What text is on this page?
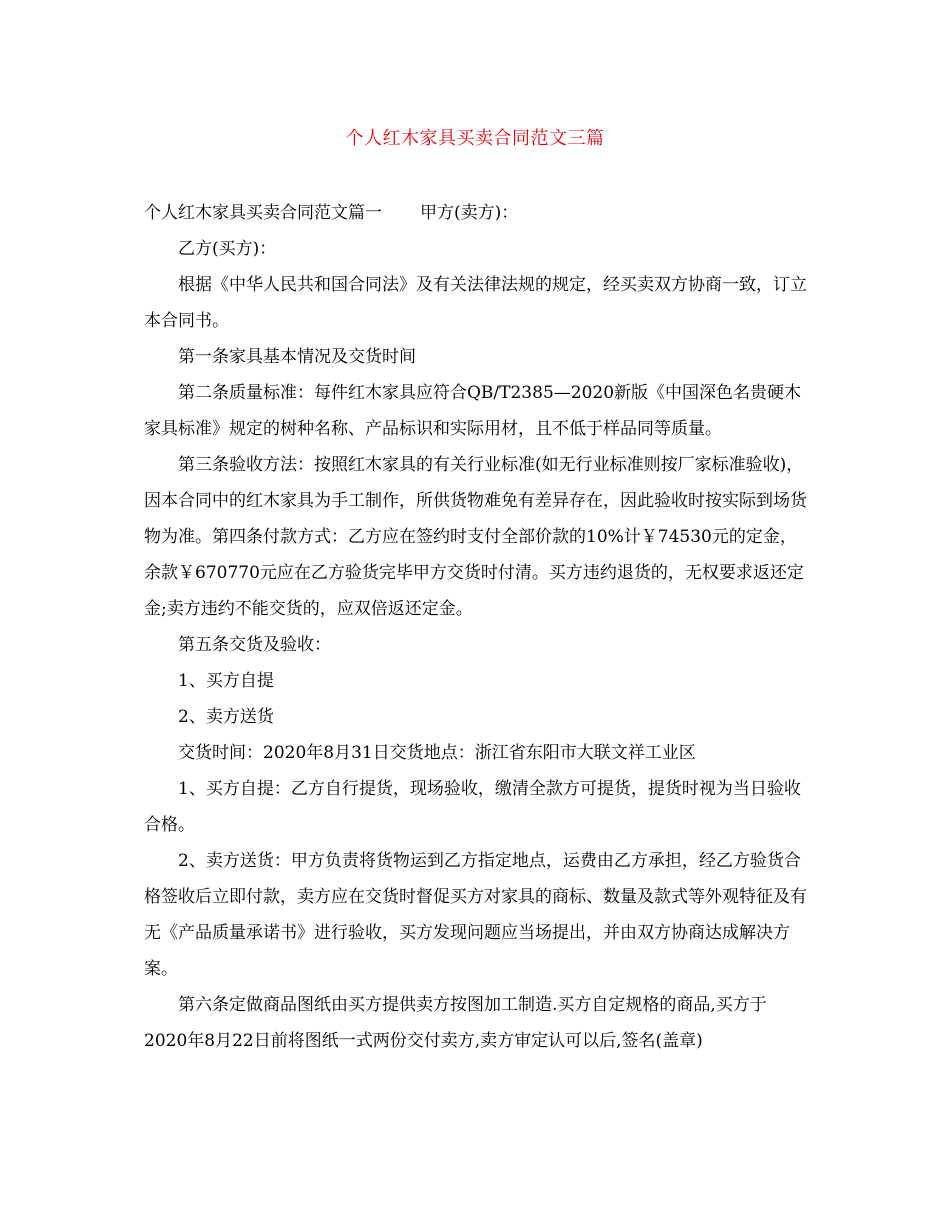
个人红木家具买卖合同范文三篇

个人红木家具买卖合同范文篇一 甲方(卖方)：

乙方(买方)：

根据《中华人民共和国合同法》及有关法律法规的规定，经买卖双方协商一致，订立本合同书。

第一条家具基本情况及交货时间

第二条质量标准：每件红木家具应符合QB/T2385—2020新版《中国深色名贵硬木家具标准》规定的树种名称、产品标识和实际用材，且不低于样品同等质量。

第三条验收方法：按照红木家具的有关行业标准(如无行业标准则按厂家标准验收)，因本合同中的红木家具为手工制作，所供货物难免有差异存在，因此验收时按实际到场货物为准。第四条付款方式：乙方应在签约时支付全部价款的10%计￥74530元的定金，余款￥670770元应在乙方验货完毕甲方交货时付清。买方违约退货的，无权要求返还定金;卖方违约不能交货的，应双倍返还定金。

第五条交货及验收：

1、买方自提

2、卖方送货

交货时间：2020年8月31日交货地点：浙江省东阳市大联文祥工业区

1、买方自提：乙方自行提货，现场验收，缴清全款方可提货，提货时视为当日验收合格。

2、卖方送货：甲方负责将货物运到乙方指定地点，运费由乙方承担，经乙方验货合格签收后立即付款，卖方应在交货时督促买方对家具的商标、数量及款式等外观特征及有无《产品质量承诺书》进行验收，买方发现问题应当场提出，并由双方协商达成解决方案。

第六条定做商品图纸由买方提供卖方按图加工制造.买方自定规格的商品,买方于2020年8月22日前将图纸一式两份交付卖方,卖方审定认可以后,签名(盖章)
